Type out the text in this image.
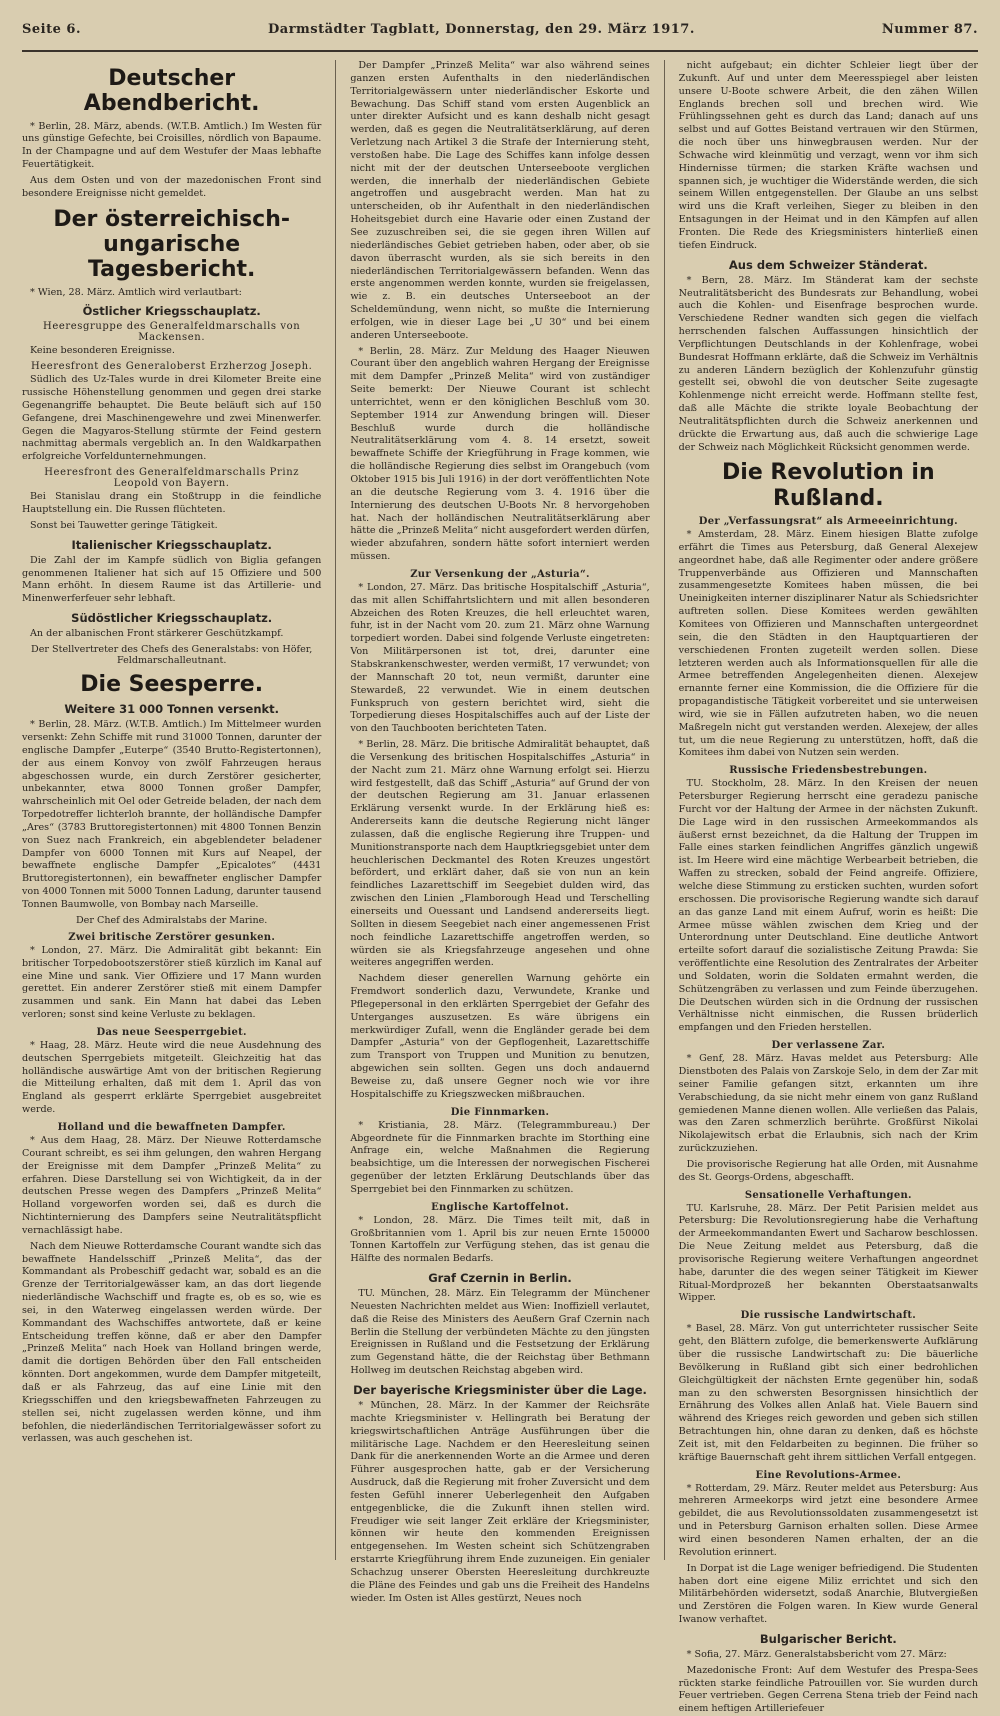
Seite 6.	Darmstädter Tagblatt, Donnerstag, den 29. März 1917.	Nummer 87.
Deutscher Abendbericht.

* Berlin, 28. März, abends. (W.T.B. Amtlich.) Im Westen für uns günstige Gefechte, bei Croisilles, nördlich von Bapaume. In der Champagne und auf dem Westufer der Maas lebhafte Feuertätigkeit.

Aus dem Osten und von der mazedonischen Front sind besondere Ereignisse nicht gemeldet.

Der österreichisch-ungarische Tagesbericht.

* Wien, 28. März. Amtlich wird verlautbart:

Östlicher Kriegsschauplatz.
Heeresgruppe des Generalfeldmarschalls von Mackensen.

Keine besonderen Ereignisse.

Heeresfront des Generaloberst Erzherzog Joseph.

Südlich des Uz-Tales wurde in drei Kilometer Breite eine russische Höhenstellung genommen und gegen drei starke Gegenangriffe behauptet. Die Beute beläuft sich auf 150 Gefangene, drei Maschinengewehre und zwei Minenwerfer. Gegen die Magyaros-Stellung stürmte der Feind gestern nachmittag abermals vergeblich an. In den Waldkarpathen erfolgreiche Vorfeldunternehmungen.

Heeresfront des Generalfeldmarschalls Prinz Leopold von Bayern.

Bei Stanislau drang ein Stoßtrupp in die feindliche Hauptstellung ein. Die Russen flüchteten.

Sonst bei Tauwetter geringe Tätigkeit.

Italienischer Kriegsschauplatz.

Die Zahl der im Kampfe südlich von Biglia gefangen genommenen Italiener hat sich auf 15 Offiziere und 500 Mann erhöht. In diesem Raume ist das Artillerie- und Minenwerferfeuer sehr lebhaft.

Südöstlicher Kriegsschauplatz.

An der albanischen Front stärkerer Geschützkampf.

Der Stellvertreter des Chefs des Generalstabs: von Höfer, Feldmarschalleutnant.
Die Seesperre.
Weitere 31 000 Tonnen versenkt.

* Berlin, 28. März. (W.T.B. Amtlich.) Im Mittelmeer wurden versenkt: Zehn Schiffe mit rund 31000 Tonnen, darunter der englische Dampfer „Euterpe“ (3540 Brutto-Registertonnen), der aus einem Konvoy von zwölf Fahrzeugen heraus abgeschossen wurde, ein durch Zerstörer gesicherter, unbekannter, etwa 8000 Tonnen großer Dampfer, wahrscheinlich mit Oel oder Getreide beladen, der nach dem Torpedotreffer lichterloh brannte, der holländische Dampfer „Ares“ (3783 Bruttoregistertonnen) mit 4800 Tonnen Benzin von Suez nach Frankreich, ein abgeblendeter beladener Dampfer von 6000 Tonnen mit Kurs auf Neapel, der bewaffnete englische Dampfer „Epicalotes“ (4431 Bruttoregistertonnen), ein bewaffneter englischer Dampfer von 4000 Tonnen mit 5000 Tonnen Ladung, darunter tausend Tonnen Baumwolle, von Bombay nach Marseille.

Der Chef des Admiralstabs der Marine.
Zwei britische Zerstörer gesunken.

* London, 27. März. Die Admiralität gibt bekannt: Ein britischer Torpedobootszerstörer stieß kürzlich im Kanal auf eine Mine und sank. Vier Offiziere und 17 Mann wurden gerettet. Ein anderer Zerstörer stieß mit einem Dampfer zusammen und sank. Ein Mann hat dabei das Leben verloren; sonst sind keine Verluste zu beklagen.

Das neue Seesperrgebiet.

* Haag, 28. März. Heute wird die neue Ausdehnung des deutschen Sperrgebiets mitgeteilt. Gleichzeitig hat das holländische auswärtige Amt von der britischen Regierung die Mitteilung erhalten, daß mit dem 1. April das von England als gesperrt erklärte Sperrgebiet ausgebreitet werde.

Holland und die bewaffneten Dampfer.

* Aus dem Haag, 28. März. Der Nieuwe Rotterdamsche Courant schreibt, es sei ihm gelungen, den wahren Hergang der Ereignisse mit dem Dampfer „Prinzeß Melita“ zu erfahren. Diese Darstellung sei von Wichtigkeit, da in der deutschen Presse wegen des Dampfers „Prinzeß Melita“ Holland vorgeworfen worden sei, daß es durch die Nichtinternierung des Dampfers seine Neutralitätspflicht vernachlässigt habe.

Nach dem Nieuwe Rotterdamsche Courant wandte sich das bewaffnete Handelsschiff „Prinzeß Melita“, das der Kommandant als Probeschiff gedacht war, sobald es an die Grenze der Territorialgewässer kam, an das dort liegende niederländische Wachschiff und fragte es, ob es so, wie es sei, in den Waterweg eingelassen werden würde. Der Kommandant des Wachschiffes antwortete, daß er keine Entscheidung treffen könne, daß er aber den Dampfer „Prinzeß Melita“ nach Hoek van Holland bringen werde, damit die dortigen Behörden über den Fall entscheiden könnten. Dort angekommen, wurde dem Dampfer mitgeteilt, daß er als Fahrzeug, das auf eine Linie mit den Kriegsschiffen und den kriegsbewaffneten Fahrzeugen zu stellen sei, nicht zugelassen werden könne, und ihm befohlen, die niederländischen Territorialgewässer sofort zu verlassen, was auch geschehen ist.

Der Dampfer „Prinzeß Melita“ war also während seines ganzen ersten Aufenthalts in den niederländischen Territorialgewässern unter niederländischer Eskorte und Bewachung. Das Schiff stand vom ersten Augenblick an unter direkter Aufsicht und es kann deshalb nicht gesagt werden, daß es gegen die Neutralitätserklärung, auf deren Verletzung nach Artikel 3 die Strafe der Internierung steht, verstoßen habe. Die Lage des Schiffes kann infolge dessen nicht mit der der deutschen Unterseeboote verglichen werden, die innerhalb der niederländischen Gebiete angetroffen und ausgebracht werden. Man hat zu unterscheiden, ob ihr Aufenthalt in den niederländischen Hoheitsgebiet durch eine Havarie oder einen Zustand der See zuzuschreiben sei, die sie gegen ihren Willen auf niederländisches Gebiet getrieben haben, oder aber, ob sie davon überrascht wurden, als sie sich bereits in den niederländischen Territorialgewässern befanden. Wenn das erste angenommen werden konnte, wurden sie freigelassen, wie z. B. ein deutsches Unterseeboot an der Scheldemündung, wenn nicht, so mußte die Internierung erfolgen, wie in dieser Lage bei „U 30“ und bei einem anderen Unterseeboote.

* Berlin, 28. März. Zur Meldung des Haager Nieuwen Courant über den angeblich wahren Hergang der Ereignisse mit dem Dampfer „Prinzeß Melita“ wird von zuständiger Seite bemerkt: Der Nieuwe Courant ist schlecht unterrichtet, wenn er den königlichen Beschluß vom 30. September 1914 zur Anwendung bringen will. Dieser Beschluß wurde durch die holländische Neutralitätserklärung vom 4. 8. 14 ersetzt, soweit bewaffnete Schiffe der Kriegführung in Frage kommen, wie die holländische Regierung dies selbst im Orangebuch (vom Oktober 1915 bis Juli 1916) in der dort veröffentlichten Note an die deutsche Regierung vom 3. 4. 1916 über die Internierung des deutschen U-Boots Nr. 8 hervorgehoben hat. Nach der holländischen Neutralitätserklärung aber hätte die „Prinzeß Melita“ nicht ausgefordert werden dürfen, wieder abzufahren, sondern hätte sofort interniert werden müssen.

Zur Versenkung der „Asturia“.

* London, 27. März. Das britische Hospitalschiff „Asturia“, das mit allen Schiffahrtslichtern und mit allen besonderen Abzeichen des Roten Kreuzes, die hell erleuchtet waren, fuhr, ist in der Nacht vom 20. zum 21. März ohne Warnung torpediert worden. Dabei sind folgende Verluste eingetreten: Von Militärpersonen ist tot, drei, darunter eine Stabskrankenschwester, werden vermißt, 17 verwundet; von der Mannschaft 20 tot, neun vermißt, darunter eine Stewardeß, 22 verwundet. Wie in einem deutschen Funkspruch von gestern berichtet wird, sieht die Torpedierung dieses Hospitalschiffes auch auf der Liste der von den Tauchbooten berichteten Taten.

* Berlin, 28. März. Die britische Admiralität behauptet, daß die Versenkung des britischen Hospitalschiffes „Asturia“ in der Nacht zum 21. März ohne Warnung erfolgt sei. Hierzu wird festgestellt, daß das Schiff „Asturia“ auf Grund der von der deutschen Regierung am 31. Januar erlassenen Erklärung versenkt wurde. In der Erklärung hieß es: Andererseits kann die deutsche Regierung nicht länger zulassen, daß die englische Regierung ihre Truppen- und Munitionstransporte nach dem Hauptkriegsgebiet unter dem heuchlerischen Deckmantel des Roten Kreuzes ungestört befördert, und erklärt daher, daß sie von nun an kein feindliches Lazarettschiff im Seegebiet dulden wird, das zwischen den Linien „Flamborough Head und Terschelling einerseits und Ouessant und Landsend andererseits liegt. Sollten in diesem Seegebiet nach einer angemessenen Frist noch feindliche Lazarettschiffe angetroffen werden, so würden sie als Kriegsfahrzeuge angesehen und ohne weiteres angegriffen werden.

Nachdem dieser generellen Warnung gehörte ein Fremdwort sonderlich dazu, Verwundete, Kranke und Pflegepersonal in den erklärten Sperrgebiet der Gefahr des Unterganges auszusetzen. Es wäre übrigens ein merkwürdiger Zufall, wenn die Engländer gerade bei dem Dampfer „Asturia“ von der Gepflogenheit, Lazarettschiffe zum Transport von Truppen und Munition zu benutzen, abgewichen sein sollten. Gegen uns doch andauernd Beweise zu, daß unsere Gegner noch wie vor ihre Hospitalschiffe zu Kriegszwecken mißbrauchen.

Die Finnmarken.

* Kristiania, 28. März. (Telegrammbureau.) Der Abgeordnete für die Finnmarken brachte im Storthing eine Anfrage ein, welche Maßnahmen die Regierung beabsichtige, um die Interessen der norwegischen Fischerei gegenüber der letzten Erklärung Deutschlands über das Sperrgebiet bei den Finnmarken zu schützen.

Englische Kartoffelnot.

* London, 28. März. Die Times teilt mit, daß in Großbritannien vom 1. April bis zur neuen Ernte 150000 Tonnen Kartoffeln zur Verfügung stehen, das ist genau die Hälfte des normalen Bedarfs.

Graf Czernin in Berlin.

TU. München, 28. März. Ein Telegramm der Münchener Neuesten Nachrichten meldet aus Wien: Inoffiziell verlautet, daß die Reise des Ministers des Aeußern Graf Czernin nach Berlin die Stellung der verbündeten Mächte zu den jüngsten Ereignissen in Rußland und die Festsetzung der Erklärung zum Gegenstand hätte, die der Reichstag über Bethmann Hollweg im deutschen Reichstag abgeben wird.

Der bayerische Kriegsminister über die Lage.

* München, 28. März. In der Kammer der Reichsräte machte Kriegsminister v. Hellingrath bei Beratung der kriegswirtschaftlichen Anträge Ausführungen über die militärische Lage. Nachdem er den Heeresleitung seinen Dank für die anerkennenden Worte an die Armee und deren Führer ausgesprochen hatte, gab er der Versicherung Ausdruck, daß die Regierung mit froher Zuversicht und dem festen Gefühl innerer Ueberlegenheit den Aufgaben entgegenblicke, die die Zukunft ihnen stellen wird. Freudiger wie seit langer Zeit erkläre der Kriegsminister, können wir heute den kommenden Ereignissen entgegensehen. Im Westen scheint sich Schützengraben erstarrte Kriegführung ihrem Ende zuzuneigen. Ein genialer Schachzug unserer Obersten Heeresleitung durchkreuzte die Pläne des Feindes und gab uns die Freiheit des Handelns wieder. Im Osten ist Alles gestürzt, Neues noch

nicht aufgebaut; ein dichter Schleier liegt über der Zukunft. Auf und unter dem Meeresspiegel aber leisten unsere U-Boote schwere Arbeit, die den zähen Willen Englands brechen soll und brechen wird. Wie Frühlingssehnen geht es durch das Land; danach auf uns selbst und auf Gottes Beistand vertrauen wir den Stürmen, die noch über uns hinwegbrausen werden. Nur der Schwache wird kleinmütig und verzagt, wenn vor ihm sich Hindernisse türmen; die starken Kräfte wachsen und spannen sich, je wuchtiger die Widerstände werden, die sich seinem Willen entgegenstellen. Der Glaube an uns selbst wird uns die Kraft verleihen, Sieger zu bleiben in den Entsagungen in der Heimat und in den Kämpfen auf allen Fronten. Die Rede des Kriegsministers hinterließ einen tiefen Eindruck.

Aus dem Schweizer Ständerat.

* Bern, 28. März. Im Ständerat kam der sechste Neutralitätsbericht des Bundesrats zur Behandlung, wobei auch die Kohlen- und Eisenfrage besprochen wurde. Verschiedene Redner wandten sich gegen die vielfach herrschenden falschen Auffassungen hinsichtlich der Verpflichtungen Deutschlands in der Kohlenfrage, wobei Bundesrat Hoffmann erklärte, daß die Schweiz im Verhältnis zu anderen Ländern bezüglich der Kohlenzufuhr günstig gestellt sei, obwohl die von deutscher Seite zugesagte Kohlenmenge nicht erreicht werde. Hoffmann stellte fest, daß alle Mächte die strikte loyale Beobachtung der Neutralitätspflichten durch die Schweiz anerkennen und drückte die Erwartung aus, daß auch die schwierige Lage der Schweiz nach Möglichkeit Rücksicht genommen werde.

Die Revolution in Rußland.
Der „Verfassungsrat“ als Armeeeinrichtung.

* Amsterdam, 28. März. Einem hiesigen Blatte zufolge erfährt die Times aus Petersburg, daß General Alexejew angeordnet habe, daß alle Regimenter oder andere größere Truppenverbände aus Offizieren und Mannschaften zusammengesetzte Komitees haben müssen, die bei Uneinigkeiten interner disziplinarer Natur als Schiedsrichter auftreten sollen. Diese Komitees werden gewählten Komitees von Offizieren und Mannschaften untergeordnet sein, die den Städten in den Hauptquartieren der verschiedenen Fronten zugeteilt werden sollen. Diese letzteren werden auch als Informationsquellen für alle die Armee betreffenden Angelegenheiten dienen. Alexejew ernannte ferner eine Kommission, die die Offiziere für die propagandistische Tätigkeit vorbereitet und sie unterweisen wird, wie sie in Fällen aufzutreten haben, wo die neuen Maßregeln nicht gut verstanden werden. Alexejew, der alles tut, um die neue Regierung zu unterstützen, hofft, daß die Komitees ihm dabei von Nutzen sein werden.

Russische Friedensbestrebungen.

TU. Stockholm, 28. März. In den Kreisen der neuen Petersburger Regierung herrscht eine geradezu panische Furcht vor der Haltung der Armee in der nächsten Zukunft. Die Lage wird in den russischen Armeekommandos als äußerst ernst bezeichnet, da die Haltung der Truppen im Falle eines starken feindlichen Angriffes gänzlich ungewiß ist. Im Heere wird eine mächtige Werbearbeit betrieben, die Waffen zu strecken, sobald der Feind angreife. Offiziere, welche diese Stimmung zu ersticken suchten, wurden sofort erschossen. Die provisorische Regierung wandte sich darauf an das ganze Land mit einem Aufruf, worin es heißt: Die Armee müsse wählen zwischen dem Krieg und der Unterordnung unter Deutschland. Eine deutliche Antwort erteilte sofort darauf die sozialistische Zeitung Prawda: Sie veröffentlichte eine Resolution des Zentralrates der Arbeiter und Soldaten, worin die Soldaten ermahnt werden, die Schützengräben zu verlassen und zum Feinde überzugehen. Die Deutschen würden sich in die Ordnung der russischen Verhältnisse nicht einmischen, die Russen brüderlich empfangen und den Frieden herstellen.

Der verlassene Zar.

* Genf, 28. März. Havas meldet aus Petersburg: Alle Dienstboten des Palais von Zarskoje Selo, in dem der Zar mit seiner Familie gefangen sitzt, erkannten um ihre Verabschiedung, da sie nicht mehr einem von ganz Rußland gemiedenen Manne dienen wollen. Alle verließen das Palais, was den Zaren schmerzlich berührte. Großfürst Nikolai Nikolajewitsch erbat die Erlaubnis, sich nach der Krim zurückzuziehen.

Die provisorische Regierung hat alle Orden, mit Ausnahme des St. Georgs-Ordens, abgeschafft.

Sensationelle Verhaftungen.

TU. Karlsruhe, 28. März. Der Petit Parisien meldet aus Petersburg: Die Revolutionsregierung habe die Verhaftung der Armeekommandanten Ewert und Sacharow beschlossen. Die Neue Zeitung meldet aus Petersburg, daß die provisorische Regierung weitere Verhaftungen angeordnet habe, darunter die des wegen seiner Tätigkeit im Kiewer Ritual-Mordprozeß her bekannten Oberstaatsanwalts Wipper.

Die russische Landwirtschaft.

* Basel, 28. März. Von gut unterrichteter russischer Seite geht, den Blättern zufolge, die bemerkenswerte Aufklärung über die russische Landwirtschaft zu: Die bäuerliche Bevölkerung in Rußland gibt sich einer bedrohlichen Gleichgültigkeit der nächsten Ernte gegenüber hin, sodaß man zu den schwersten Besorgnissen hinsichtlich der Ernährung des Volkes allen Anlaß hat. Viele Bauern sind während des Krieges reich geworden und geben sich stillen Betrachtungen hin, ohne daran zu denken, daß es höchste Zeit ist, mit den Feldarbeiten zu beginnen. Die früher so kräftige Bauernschaft geht ihrem sittlichen Verfall entgegen.

Eine Revolutions-Armee.

* Rotterdam, 29. März. Reuter meldet aus Petersburg: Aus mehreren Armeekorps wird jetzt eine besondere Armee gebildet, die aus Revolutionssoldaten zusammengesetzt ist und in Petersburg Garnison erhalten sollen. Diese Armee wird einen besonderen Namen erhalten, der an die Revolution erinnert.

In Dorpat ist die Lage weniger befriedigend. Die Studenten haben dort eine eigene Miliz errichtet und sich den Militärbehörden widersetzt, sodaß Anarchie, Blutvergießen und Zerstören die Folgen waren. In Kiew wurde General Iwanow verhaftet.

Bulgarischer Bericht.

* Sofia, 27. März. Generalstabsbericht vom 27. März:

Mazedonische Front: Auf dem Westufer des Prespa-Sees rückten starke feindliche Patrouillen vor. Sie wurden durch Feuer vertrieben. Gegen Cerrena Stena trieb der Feind nach einem heftigen Artilleriefeuer
